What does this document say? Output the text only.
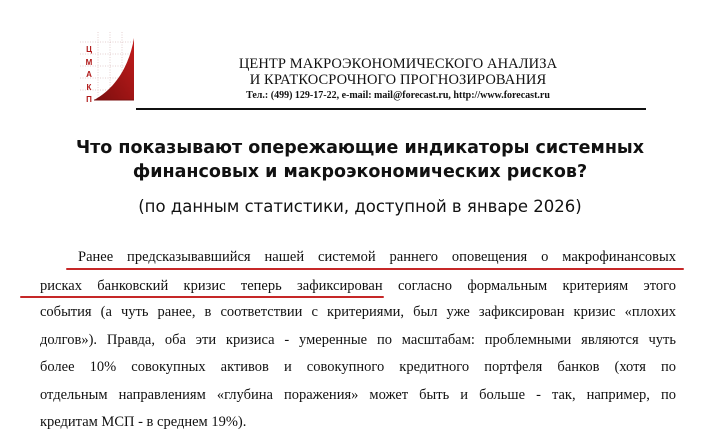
Ц
М
А
К
П
ЦЕНТР МАКРОЭКОНОМИЧЕСКОГО АНАЛИЗА
И КРАТКОСРОЧНОГО ПРОГНОЗИРОВАНИЯ
Тел.: (499) 129-17-22, e-mail: mail@forecast.ru, http://www.forecast.ru
Что показывают опережающие индикаторы системных
финансовых и макроэкономических рисков?
(по данным статистики, доступной в январе 2026)
Ранее предсказывавшийся нашей системой раннего оповещения о макрофинансовых
рисках банковский кризис теперь зафиксирован согласно формальным критериям этого
события (а чуть ранее, в соответствии с критериями, был уже зафиксирован кризис «плохих
долгов»). Правда, оба эти кризиса - умеренные по масштабам: проблемными являются чуть
более 10% совокупных активов и совокупного кредитного портфеля банков (хотя по
отдельным направлениям «глубина поражения» может быть и больше - так, например, по
кредитам МСП - в среднем 19%).
